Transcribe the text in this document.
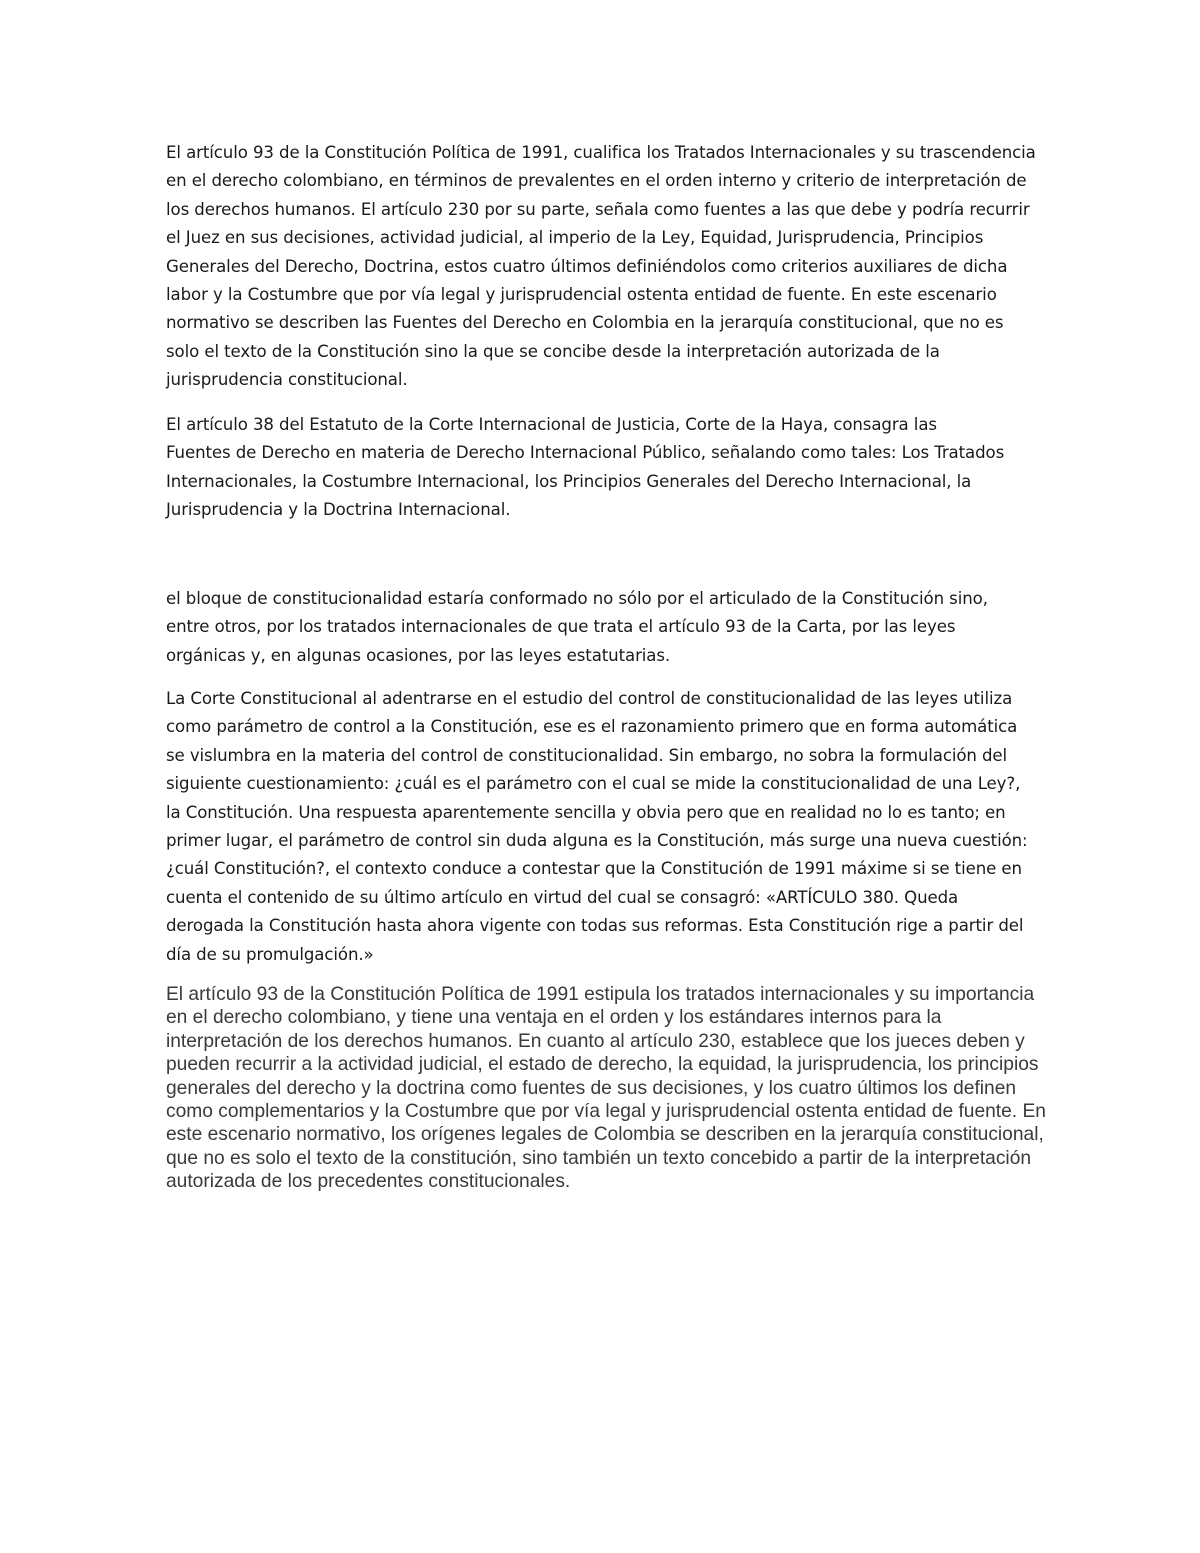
El artículo 93 de la Constitución Política de 1991, cualifica los Tratados Internacionales y su trascendencia en el derecho colombiano, en términos de prevalentes en el orden interno y criterio de interpretación de los derechos humanos. El artículo 230 por su parte, señala como fuentes a las que debe y podría recurrir el Juez en sus decisiones, actividad judicial, al imperio de la Ley, Equidad, Jurisprudencia, Principios Generales del Derecho, Doctrina, estos cuatro últimos definiéndolos como criterios auxiliares de dicha labor y la Costumbre que por vía legal y jurisprudencial ostenta entidad de fuente. En este escenario normativo se describen las Fuentes del Derecho en Colombia en la jerarquía constitucional, que no es solo el texto de la Constitución sino la que se concibe desde la interpretación autorizada de la jurisprudencia constitucional.

El artículo 38 del Estatuto de la Corte Internacional de Justicia, Corte de la Haya, consagra las Fuentes de Derecho en materia de Derecho Internacional Público, señalando como tales: Los Tratados Internacionales, la Costumbre Internacional, los Principios Generales del Derecho Internacional, la Jurisprudencia y la Doctrina Internacional.

el bloque de constitucionalidad estaría conformado no sólo por el articulado de la Constitución sino, entre otros, por los tratados internacionales de que trata el artículo 93 de la Carta, por las leyes orgánicas y, en algunas ocasiones, por las leyes estatutarias.

La Corte Constitucional al adentrarse en el estudio del control de constitucionalidad de las leyes utiliza como parámetro de control a la Constitución, ese es el razonamiento primero que en forma automática se vislumbra en la materia del control de constitucionalidad. Sin embargo, no sobra la formulación del siguiente cuestionamiento: ¿cuál es el parámetro con el cual se mide la constitucionalidad de una Ley?, la Constitución. Una respuesta aparentemente sencilla y obvia pero que en realidad no lo es tanto; en primer lugar, el parámetro de control sin duda alguna es la Constitución, más surge una nueva cuestión: ¿cuál Constitución?, el contexto conduce a contestar que la Constitución de 1991 máxime si se tiene en cuenta el contenido de su último artículo en virtud del cual se consagró: «ARTÍCULO 380. Queda derogada la Constitución hasta ahora vigente con todas sus reformas. Esta Constitución rige a partir del día de su promulgación.»

El artículo 93 de la Constitución Política de 1991 estipula los tratados internacionales y su importancia en el derecho colombiano, y tiene una ventaja en el orden y los estándares internos para la interpretación de los derechos humanos. En cuanto al artículo 230, establece que los jueces deben y pueden recurrir a la actividad judicial, el estado de derecho, la equidad, la jurisprudencia, los principios generales del derecho y la doctrina como fuentes de sus decisiones, y los cuatro últimos los definen como complementarios y la Costumbre que por vía legal y jurisprudencial ostenta entidad de fuente. En este escenario normativo, los orígenes legales de Colombia se describen en la jerarquía constitucional, que no es solo el texto de la constitución, sino también un texto concebido a partir de la interpretación autorizada de los precedentes constitucionales.
